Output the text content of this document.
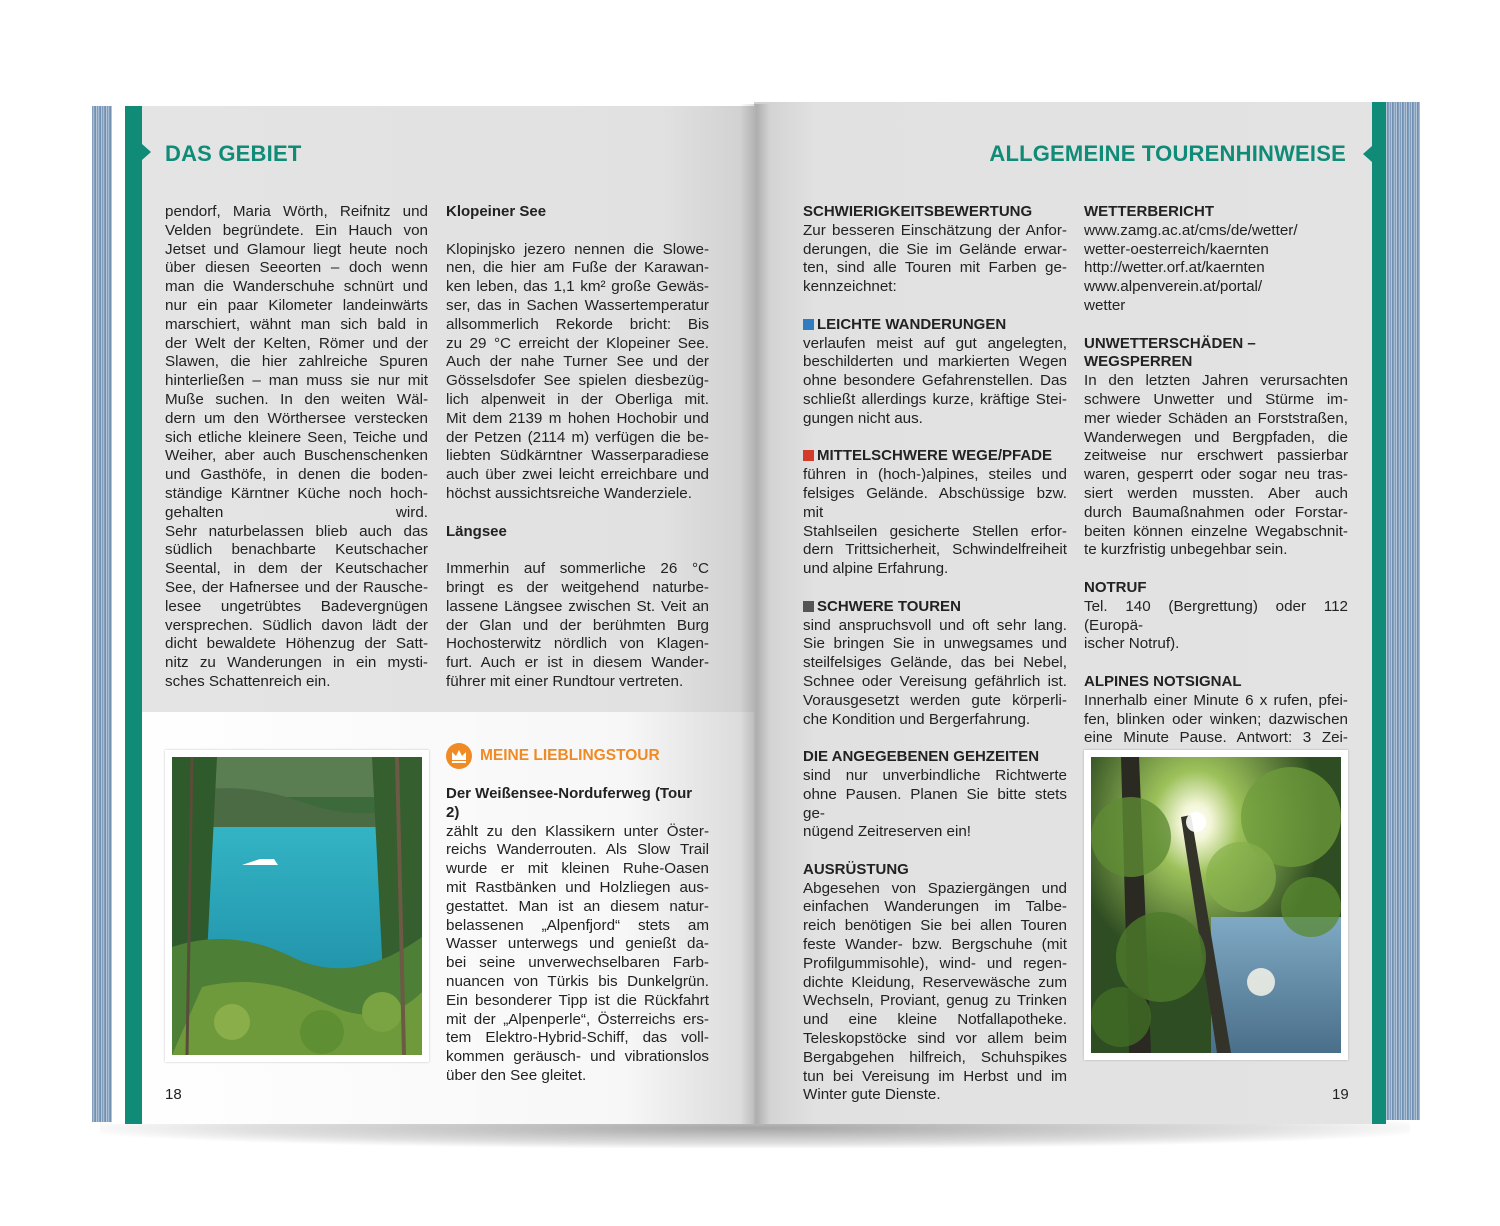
DAS GEBIET

pendorf, Maria Wörth, Reifnitz und
Velden begründete. Ein Hauch von
Jetset und Glamour liegt heute noch
über diesen Seeorten – doch wenn
man die Wanderschuhe schnürt und
nur ein paar Kilometer landeinwärts
marschiert, wähnt man sich bald in
der Welt der Kelten, Römer und der
Slawen, die hier zahlreiche Spuren
hinterließen – man muss sie nur mit
Muße suchen. In den weiten Wäl-
dern um den Wörthersee verstecken
sich etliche kleinere Seen, Teiche und
Weiher, aber auch Buschenschenken
und Gasthöfe, in denen die boden-
ständige Kärntner Küche noch hoch-
gehalten wird.
Sehr naturbelassen blieb auch das
südlich benachbarte Keutschacher
Seental, in dem der Keutschacher
See, der Hafnersee und der Rausche-
lesee ungetrübtes Badevergnügen
versprechen. Südlich davon lädt der
dicht bewaldete Höhenzug der Satt-
nitz zu Wanderungen in ein mysti-
sches Schattenreich ein.

Klopeiner See

Klopinjsko jezero nennen die Slowe-
nen, die hier am Fuße der Karawan-
ken leben, das 1,1 km² große Gewäs-
ser, das in Sachen Wassertemperatur
allsommerlich Rekorde bricht: Bis
zu 29 °C erreicht der Klopeiner See.
Auch der nahe Turner See und der
Gösselsdofer See spielen diesbezüg-
lich alpenweit in der Oberliga mit.
Mit dem 2139 m hohen Hochobir und
der Petzen (2114 m) verfügen die be-
liebten Südkärntner Wasserparadiese
auch über zwei leicht erreichbare und
höchst aussichtsreiche Wanderziele.

Längsee

Immerhin auf sommerliche 26 °C
bringt es der weitgehend naturbe-
lassene Längsee zwischen St. Veit an
der Glan und der berühmten Burg
Hochosterwitz nördlich von Klagen-
furt. Auch er ist in diesem Wander-
führer mit einer Rundtour vertreten.

MEINE LIEBLINGSTOUR
Der Weißensee-Norduferweg (Tour 2)

zählt zu den Klassikern unter Öster-
reichs Wanderrouten. Als Slow Trail
wurde er mit kleinen Ruhe-Oasen
mit Rastbänken und Holzliegen aus-
gestattet. Man ist an diesem natur-
belassenen „Alpenfjord“ stets am
Wasser unterwegs und genießt da-
bei seine unverwechselbaren Farb-
nuancen von Türkis bis Dunkelgrün.
Ein besonderer Tipp ist die Rückfahrt
mit der „Alpenperle“, Österreichs ers-
tem Elektro-Hybrid-Schiff, das voll-
kommen geräusch- und vibrationslos
über den See gleitet.

18
ALLGEMEINE TOURENHINWEISE
SCHWIERIGKEITSBEWERTUNG

Zur besseren Einschätzung der Anfor-
derungen, die Sie im Gelände erwar-
ten, sind alle Touren mit Farben ge-
kennzeichnet:

LEICHTE WANDERUNGEN

verlaufen meist auf gut angelegten,
beschilderten und markierten Wegen
ohne besondere Gefahrenstellen. Das
schließt allerdings kurze, kräftige Stei-
gungen nicht aus.

MITTELSCHWERE WEGE/PFADE

führen in (hoch-)alpines, steiles und
felsiges Gelände. Abschüssige bzw. mit
Stahlseilen gesicherte Stellen erfor-
dern Trittsicherheit, Schwindelfreiheit
und alpine Erfahrung.

SCHWERE TOUREN

sind anspruchsvoll und oft sehr lang.
Sie bringen Sie in unwegsames und
steilfelsiges Gelände, das bei Nebel,
Schnee oder Vereisung gefährlich ist.
Vorausgesetzt werden gute körperli-
che Kondition und Bergerfahrung.

DIE ANGEGEBENEN GEHZEITEN

sind nur unverbindliche Richtwerte
ohne Pausen. Planen Sie bitte stets ge-
nügend Zeitreserven ein!

AUSRÜSTUNG

Abgesehen von Spaziergängen und
einfachen Wanderungen im Talbe-
reich benötigen Sie bei allen Touren
feste Wander- bzw. Bergschuhe (mit
Profilgummisohle), wind- und regen-
dichte Kleidung, Reservewäsche zum
Wechseln, Proviant, genug zu Trinken
und eine kleine Notfallapotheke.
Teleskopstöcke sind vor allem beim
Bergabgehen hilfreich, Schuhspikes
tun bei Vereisung im Herbst und im
Winter gute Dienste.

WETTERBERICHT

www.zamg.ac.at/cms/de/wetter/
wetter-oesterreich/kaernten
http://wetter.orf.at/kaernten
www.alpenverein.at/portal/
wetter

UNWETTERSCHÄDEN – WEGSPERREN

In den letzten Jahren verursachten
schwere Unwetter und Stürme im-
mer wieder Schäden an Forststraßen,
Wanderwegen und Bergpfaden, die
zeitweise nur erschwert passierbar
waren, gesperrt oder sogar neu tras-
siert werden mussten. Aber auch
durch Baumaßnahmen oder Forstar-
beiten können einzelne Wegabschnit-
te kurzfristig unbegehbar sein.

NOTRUF

Tel. 140 (Bergrettung) oder 112 (Europä-
ischer Notruf).

ALPINES NOTSIGNAL

Innerhalb einer Minute 6 x rufen, pfei-
fen, blinken oder winken; dazwischen
eine Minute Pause. Antwort: 3 Zei-

19
